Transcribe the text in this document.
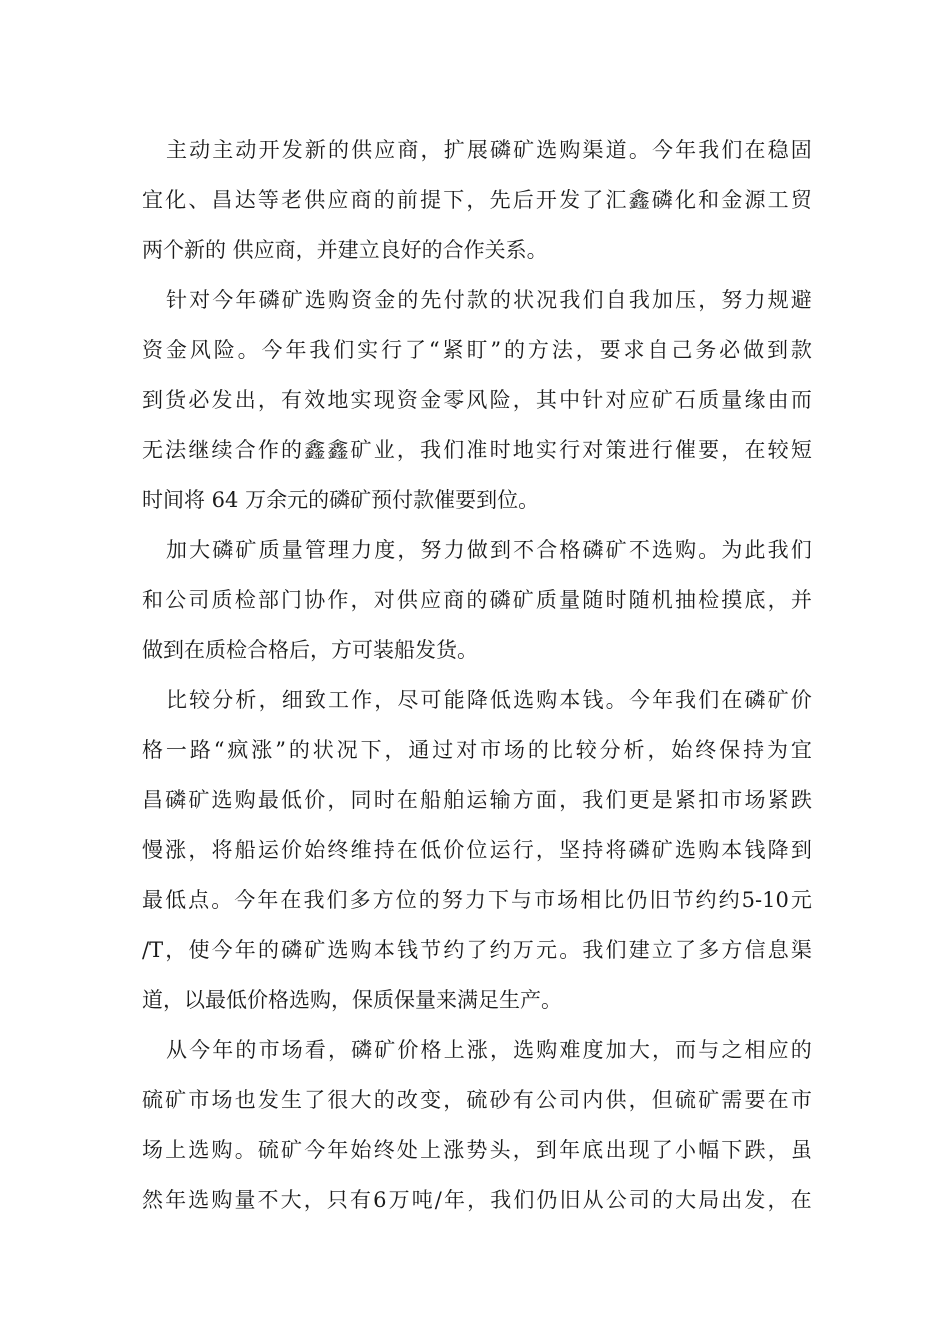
主 动 主 动 开 发 新 的 供 应 商 ， 扩 展 磷 矿 选 购 渠 道 。 今 年 我 们 在 稳 固
宜 化 、 昌 达 等 老 供 应 商 的 前 提 下 ， 先 后 开 发 了 汇 鑫 磷 化 和 金 源 工 贸
两个新的 供应商，并建立良好的合作关系。
针 对 今 年 磷 矿 选 购 资 金 的 先 付 款 的 状 况 我 们 自 我 加 压 ， 努 力 规 避
资 金 风 险 。 今 年 我 们 实 行 了 “ 紧 盯 ” 的 方 法 ， 要 求 自 己 务 必 做 到 款
到 货 必 发 出 ， 有 效 地 实 现 资 金 零 风 险 ， 其 中 针 对 应 矿 石 质 量 缘 由 而
无 法 继 续 合 作 的 鑫 鑫 矿 业 ， 我 们 准 时 地 实 行 对 策 进 行 催 要 ， 在 较 短
时间将 64 万余元的磷矿预付款催要到位。
加 大 磷 矿 质 量 管 理 力 度 ， 努 力 做 到 不 合 格 磷 矿 不 选 购 。 为 此 我 们
和 公 司 质 检 部 门 协 作 ， 对 供 应 商 的 磷 矿 质 量 随 时 随 机 抽 检 摸 底 ， 并
做到在质检合格后，方可装船发货。
比 较 分 析 ， 细 致 工 作 ， 尽 可 能 降 低 选 购 本 钱 。 今 年 我 们 在 磷 矿 价
格 一 路 “ 疯 涨 ” 的 状 况 下 ， 通 过 对 市 场 的 比 较 分 析 ， 始 终 保 持 为 宜
昌 磷 矿 选 购 最 低 价 ， 同 时 在 船 舶 运 输 方 面 ， 我 们 更 是 紧 扣 市 场 紧 跌
慢 涨 ， 将 船 运 价 始 终 维 持 在 低 价 位 运 行 ， 坚 持 将 磷 矿 选 购 本 钱 降 到
最 低 点 。 今 年 在 我 们 多 方 位 的 努 力 下 与 市 场 相 比 仍 旧 节 约 约 5-10 元
/T ， 使 今 年 的 磷 矿 选 购 本 钱 节 约 了 约 万 元 。 我 们 建 立 了 多 方 信 息 渠
道，以最低价格选购，保质保量来满足生产。
从 今 年 的 市 场 看 ， 磷 矿 价 格 上 涨 ， 选 购 难 度 加 大 ， 而 与 之 相 应 的
硫 矿 市 场 也 发 生 了 很 大 的 改 变 ， 硫 砂 有 公 司 内 供 ， 但 硫 矿 需 要 在 市
场 上 选 购 。 硫 矿 今 年 始 终 处 上 涨 势 头 ， 到 年 底 出 现 了 小 幅 下 跌 ， 虽
然 年 选 购 量 不 大 ， 只 有 6 万 吨 / 年 ， 我 们 仍 旧 从 公 司 的 大 局 出 发 ， 在
